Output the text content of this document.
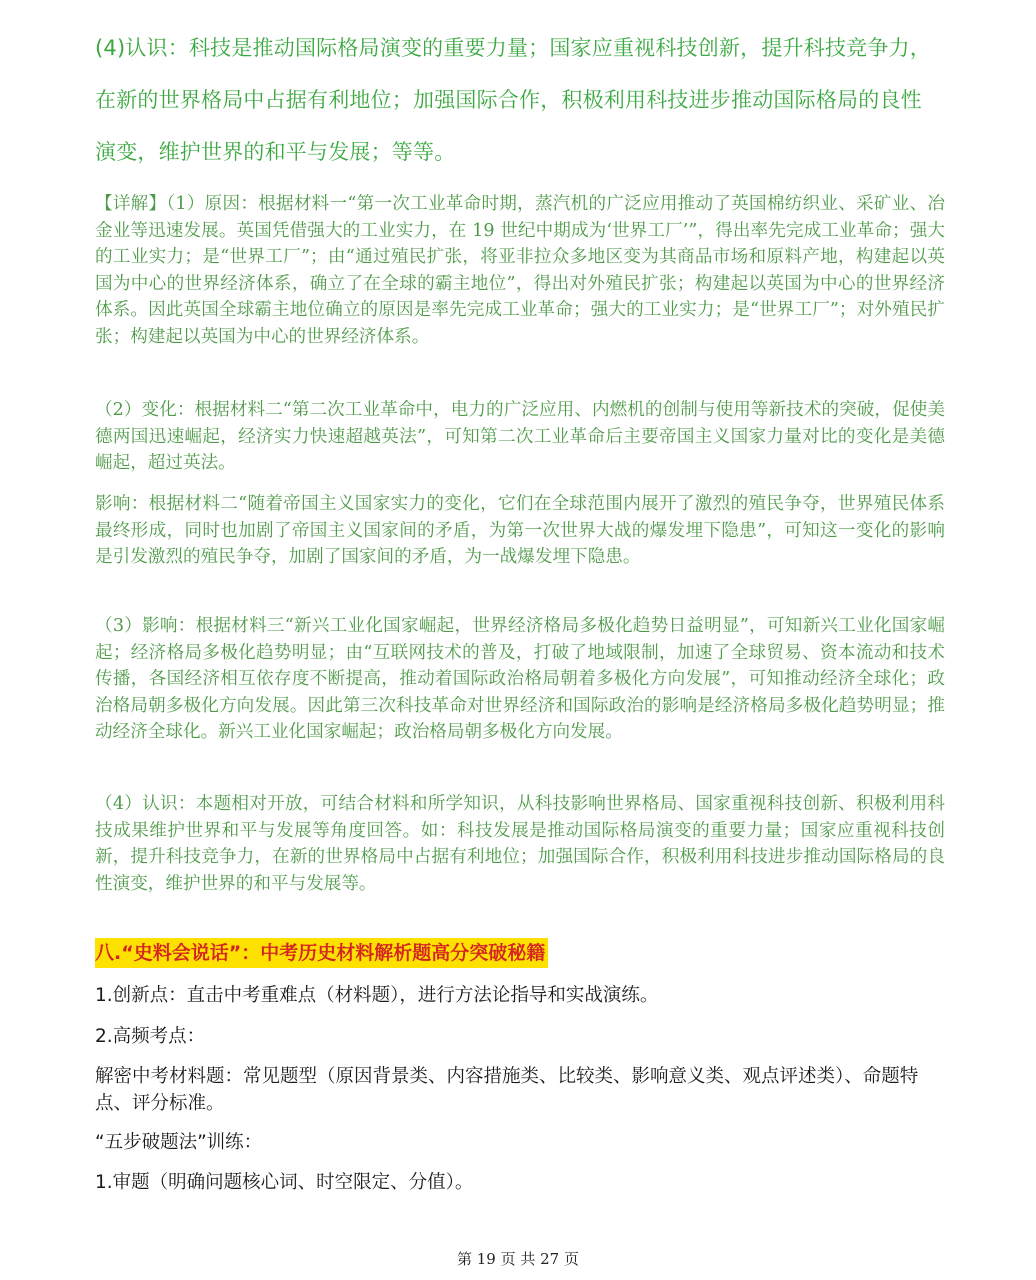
(4)认识：科技是推动国际格局演变的重要力量；国家应重视科技创新，提升科技竞争力，
在新的世界格局中占据有利地位；加强国际合作，积极利用科技进步推动国际格局的良性
演变，维护世界的和平与发展；等等。

【详解】（1）原因：根据材料一“第一次工业革命时期，蒸汽机的广泛应用推动了英国棉纺织业、采矿业、冶金业等迅速发展。英国凭借强大的工业实力，在 19 世纪中期成为‘世界工厂’”，得出率先完成工业革命；强大的工业实力；是“世界工厂”；由“通过殖民扩张，将亚非拉众多地区变为其商品市场和原料产地，构建起以英国为中心的世界经济体系，确立了在全球的霸主地位”，得出对外殖民扩张；构建起以英国为中心的世界经济体系。因此英国全球霸主地位确立的原因是率先完成工业革命；强大的工业实力；是“世界工厂”；对外殖民扩张；构建起以英国为中心的世界经济体系。

（2）变化：根据材料二“第二次工业革命中，电力的广泛应用、内燃机的创制与使用等新技术的突破，促使美德两国迅速崛起，经济实力快速超越英法”，可知第二次工业革命后主要帝国主义国家力量对比的变化是美德崛起，超过英法。

影响：根据材料二“随着帝国主义国家实力的变化，它们在全球范围内展开了激烈的殖民争夺，世界殖民体系最终形成，同时也加剧了帝国主义国家间的矛盾，为第一次世界大战的爆发埋下隐患”，可知这一变化的影响是引发激烈的殖民争夺，加剧了国家间的矛盾，为一战爆发埋下隐患。

（3）影响：根据材料三“新兴工业化国家崛起，世界经济格局多极化趋势日益明显”，可知新兴工业化国家崛起；经济格局多极化趋势明显；由“互联网技术的普及，打破了地域限制，加速了全球贸易、资本流动和技术传播，各国经济相互依存度不断提高，推动着国际政治格局朝着多极化方向发展”，可知推动经济全球化；政治格局朝多极化方向发展。因此第三次科技革命对世界经济和国际政治的影响是经济格局多极化趋势明显；推动经济全球化。新兴工业化国家崛起；政治格局朝多极化方向发展。

（4）认识：本题相对开放，可结合材料和所学知识，从科技影响世界格局、国家重视科技创新、积极利用科技成果维护世界和平与发展等角度回答。如：科技发展是推动国际格局演变的重要力量；国家应重视科技创新，提升科技竞争力，在新的世界格局中占据有利地位；加强国际合作，积极利用科技进步推动国际格局的良性演变，维护世界的和平与发展等。

八.“史料会说话”：中考历史材料解析题高分突破秘籍

1.创新点：直击中考重难点（材料题），进行方法论指导和实战演练。

2.高频考点：

解密中考材料题：常见题型（原因背景类、内容措施类、比较类、影响意义类、观点评述类）、命题特点、评分标准。

“五步破题法”训练：

1.审题（明确问题核心词、时空限定、分值）。

第 19 页 共 27 页
